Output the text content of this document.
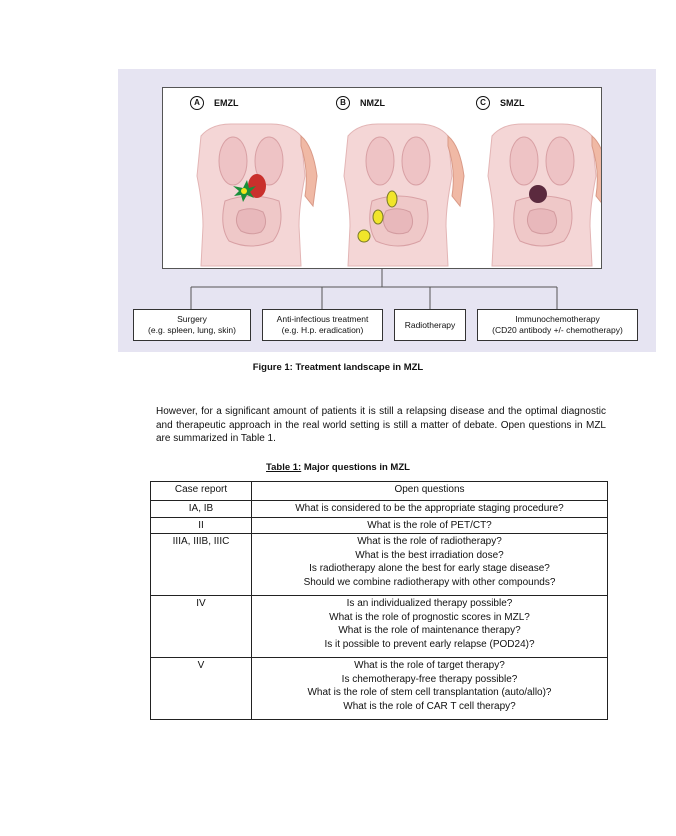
A	EMZL	B	NMZL	C	SMZL
Surgery
(e.g. spleen, lung, skin)
Anti-infectious treatment
(e.g. H.p. eradication)
Radiotherapy
Immunochemotherapy
(CD20 antibody +/- chemotherapy)
Figure 1: Treatment landscape in MZL
However, for a significant amount of patients it is still a relapsing disease and the optimal diagnostic and therapeutic approach in the real world setting is still a matter of debate. Open questions in MZL are summarized in Table 1.
Table 1: Major questions in MZL
Case report	Open questions
IA, IB	What is considered to be the appropriate staging procedure?

II	What is the role of PET/CT?

IIIA, IIIB, IIIC	What is the role of radiotherapy?
What is the best irradiation dose?
Is radiotherapy alone the best for early stage disease?
Should we combine radiotherapy with other compounds?

IV	Is an individualized therapy possible?
What is the role of prognostic scores in MZL?
What is the role of maintenance therapy?
Is it possible to prevent early relapse (POD24)?

V	What is the role of target therapy?
Is chemotherapy-free therapy possible?
What is the role of stem cell transplantation (auto/allo)?
What is the role of CAR T cell therapy?
